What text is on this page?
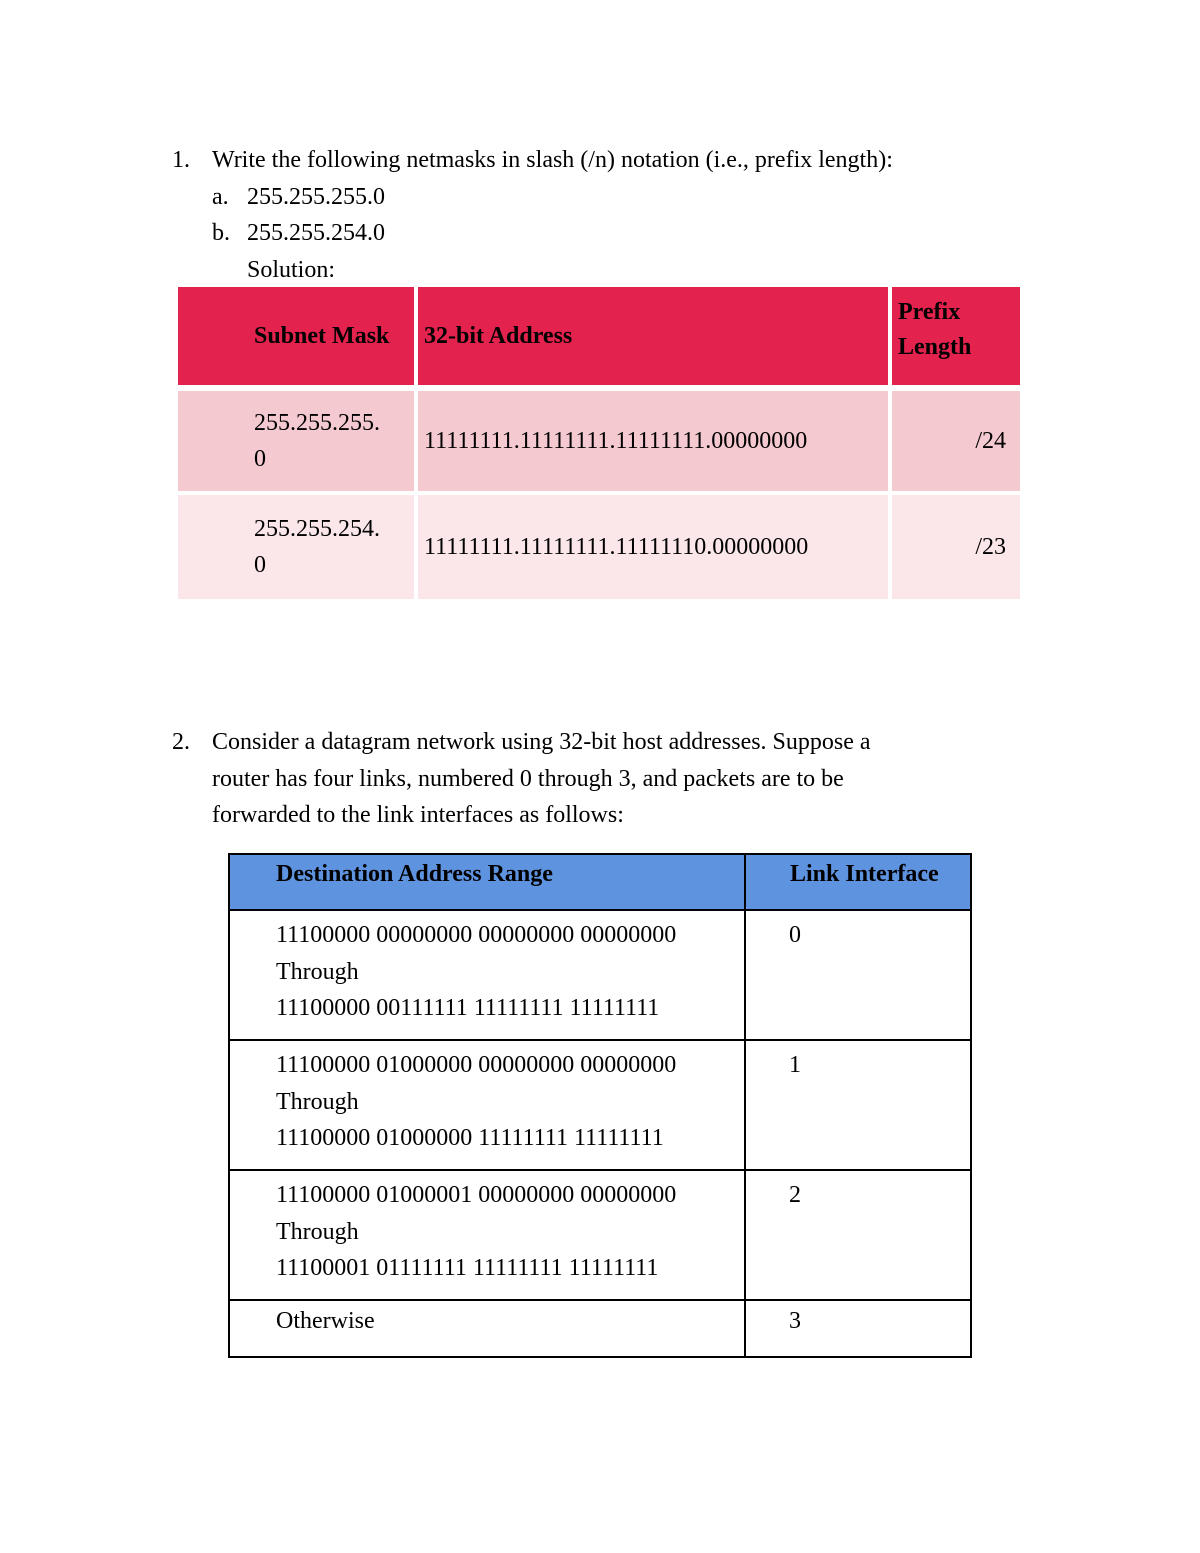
1. Write the following netmasks in slash (/n) notation (i.e., prefix length):
a. 255.255.255.0
b. 255.255.254.0
Solution:
Subnet Mask	32-bit Address	Prefix
Length

255.255.255.
0	11111111.11111111.11111111.00000000	/24

255.255.254.
0	11111111.11111111.11111110.00000000	/23
2. Consider a datagram network using 32-bit host addresses. Suppose a
router has four links, numbered 0 through 3, and packets are to be
forwarded to the link interfaces as follows:
Destination Address Range	Link Interface

11100000 00000000 00000000 00000000
Through
11100000 00111111 11111111 11111111	0

11100000 01000000 00000000 00000000
Through
11100000 01000000 11111111 11111111	1

11100000 01000001 00000000 00000000
Through
11100001 01111111 11111111 11111111	2

Otherwise	3
